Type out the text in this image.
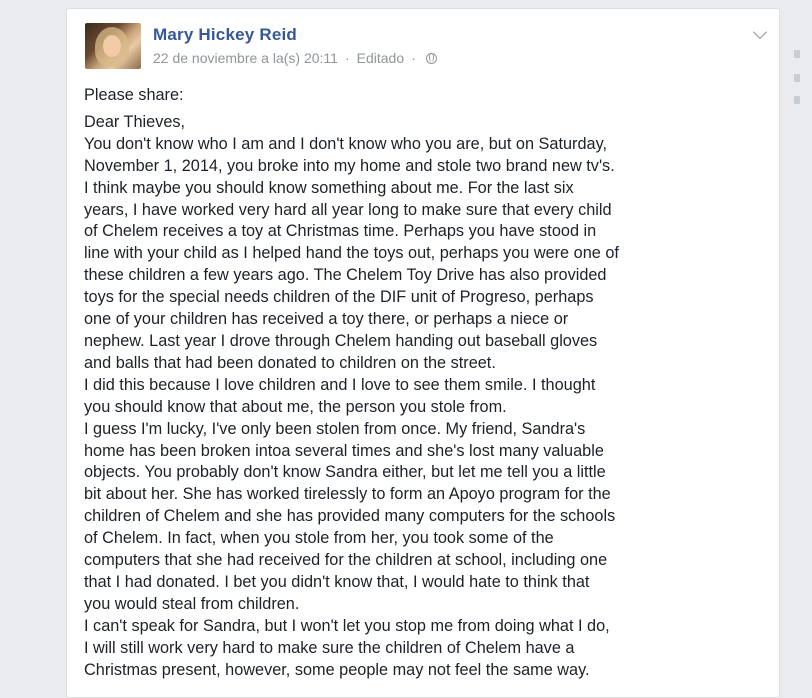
Mary Hickey Reid
22 de noviembre a la(s) 20:11 · Editado ·

Please share:

Dear Thieves,

You don't know who I am and I don't know who you are, but on Saturday,

November 1, 2014, you broke into my home and stole two brand new tv's.

I think maybe you should know something about me. For the last six

years, I have worked very hard all year long to make sure that every child

of Chelem receives a toy at Christmas time. Perhaps you have stood in

line with your child as I helped hand the toys out, perhaps you were one of

these children a few years ago. The Chelem Toy Drive has also provided

toys for the special needs children of the DIF unit of Progreso, perhaps

one of your children has received a toy there, or perhaps a niece or

nephew. Last year I drove through Chelem handing out baseball gloves

and balls that had been donated to children on the street.

I did this because I love children and I love to see them smile. I thought

you should know that about me, the person you stole from.

I guess I'm lucky, I've only been stolen from once. My friend, Sandra's

home has been broken intoa several times and she's lost many valuable

objects. You probably don't know Sandra either, but let me tell you a little

bit about her. She has worked tirelessly to form an Apoyo program for the

children of Chelem and she has provided many computers for the schools

of Chelem. In fact, when you stole from her, you took some of the

computers that she had received for the children at school, including one

that I had donated. I bet you didn't know that, I would hate to think that

you would steal from children.

I can't speak for Sandra, but I won't let you stop me from doing what I do,

I will still work very hard to make sure the children of Chelem have a

Christmas present, however, some people may not feel the same way.
